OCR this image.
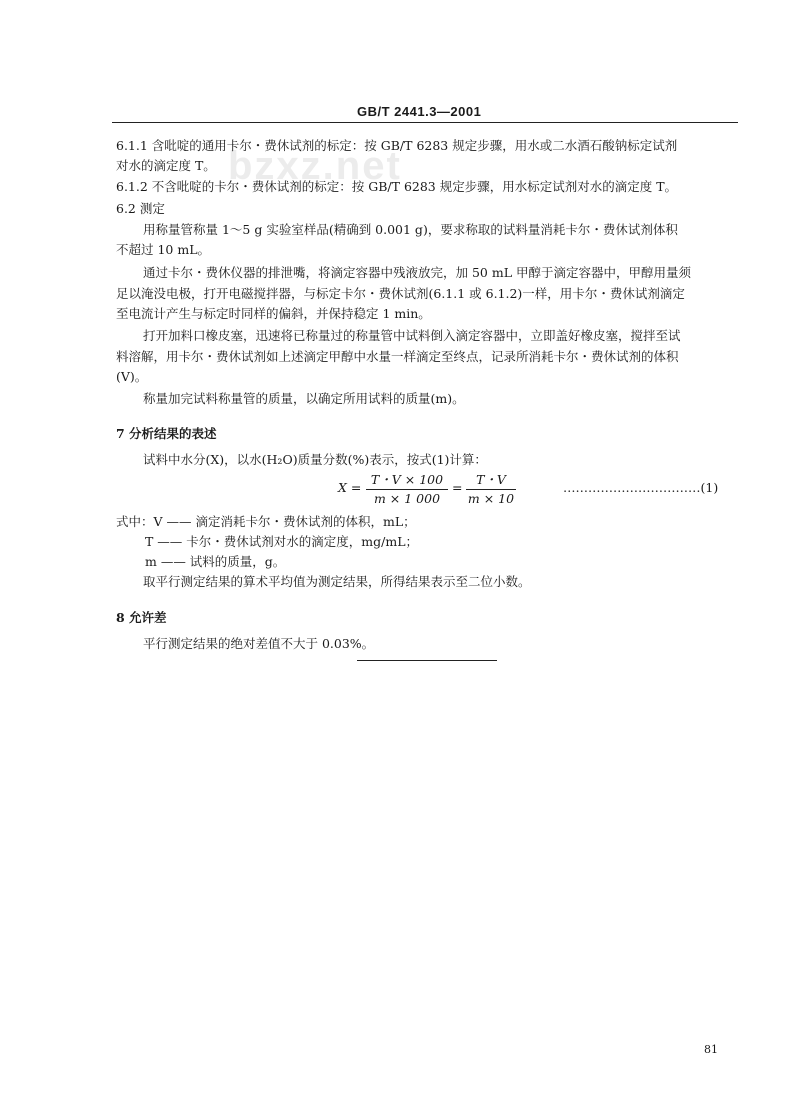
GB/T 2441.3—2001
bzxz.net
6.1.1 含吡啶的通用卡尔・费休试剂的标定：按 GB/T 6283 规定步骤，用水或二水酒石酸钠标定试剂
对水的滴定度 T。
6.1.2 不含吡啶的卡尔・费休试剂的标定：按 GB/T 6283 规定步骤，用水标定试剂对水的滴定度 T。
6.2 测定
用称量管称量 1～5 g 实验室样品(精确到 0.001 g)，要求称取的试料量消耗卡尔・费休试剂体积
不超过 10 mL。
通过卡尔・费休仪器的排泄嘴，将滴定容器中残液放完，加 50 mL 甲醇于滴定容器中，甲醇用量须
足以淹没电极，打开电磁搅拌器，与标定卡尔・费休试剂(6.1.1 或 6.1.2)一样，用卡尔・费休试剂滴定
至电流计产生与标定时同样的偏斜，并保持稳定 1 min。
打开加料口橡皮塞，迅速将已称量过的称量管中试料倒入滴定容器中，立即盖好橡皮塞，搅拌至试
料溶解，用卡尔・费休试剂如上述滴定甲醇中水量一样滴定至终点，记录所消耗卡尔・费休试剂的体积
(V)。
称量加完试料称量管的质量，以确定所用试料的质量(m)。
7 分析结果的表述
试料中水分(X)，以水(H₂O)质量分数(%)表示，按式(1)计算：
$X = \frac{T・V \times 100}{m \times 1 000} = \frac{T・V}{m \times 10}$	……………………………(1)
式中：V —— 滴定消耗卡尔・费休试剂的体积，mL；
T —— 卡尔・费休试剂对水的滴定度，mg/mL；
m —— 试料的质量，g。
取平行测定结果的算术平均值为测定结果，所得结果表示至二位小数。
8 允许差
平行测定结果的绝对差值不大于 0.03%。
81
